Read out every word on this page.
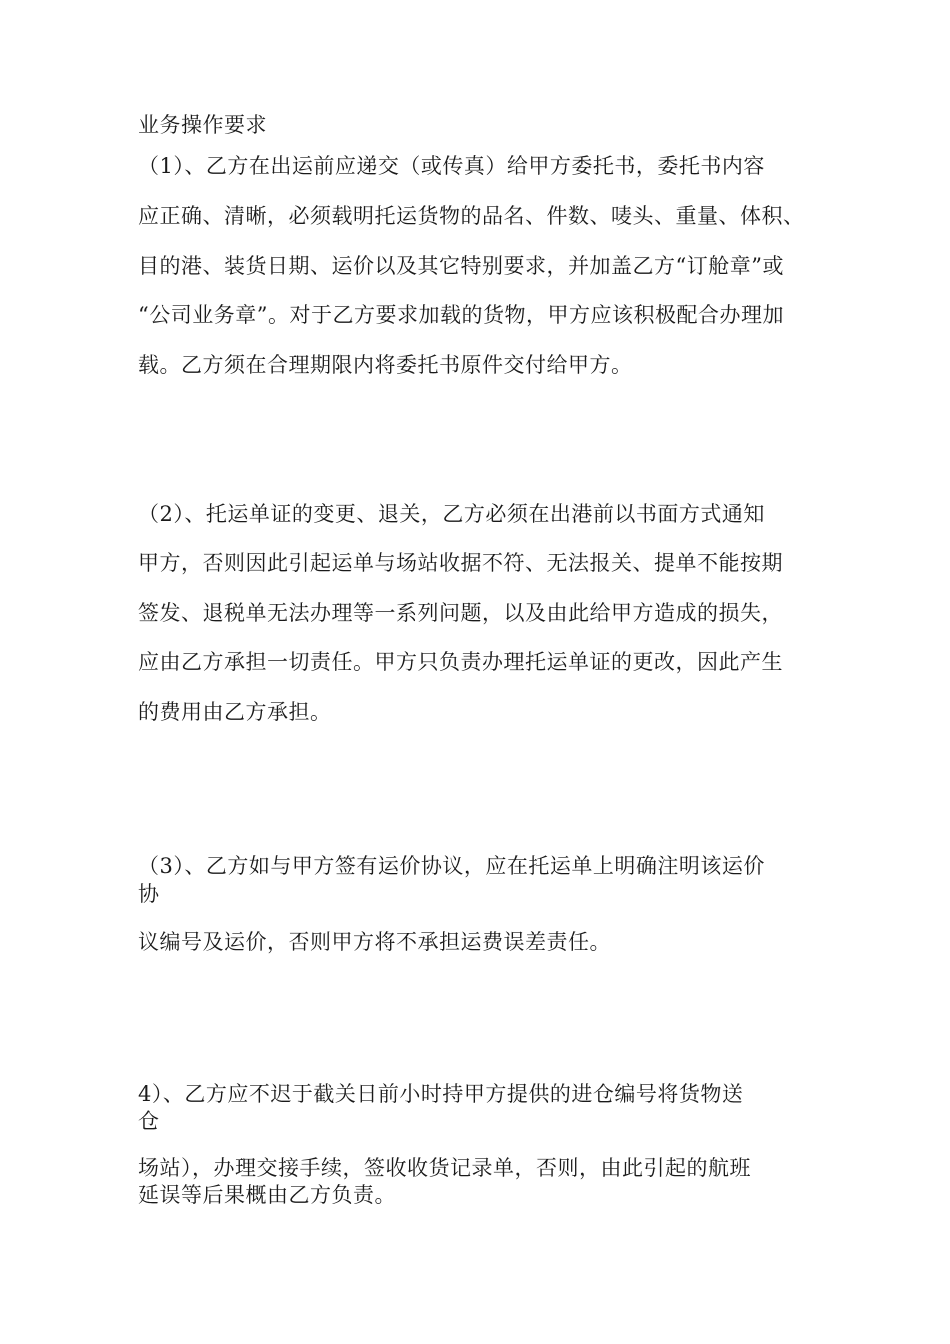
业务操作要求
（1）、乙方在出运前应递交（或传真）给甲方委托书，委托书内容
应正确、清晰，必须载明托运货物的品名、件数、唛头、重量、体积、
目的港、装货日期、运价以及其它特别要求，并加盖乙方“订舱章”或
“公司业务章”。对于乙方要求加载的货物，甲方应该积极配合办理加
载。乙方须在合理期限内将委托书原件交付给甲方。
（2）、托运单证的变更、退关，乙方必须在出港前以书面方式通知
甲方，否则因此引起运单与场站收据不符、无法报关、提单不能按期
签发、退税单无法办理等一系列问题，以及由此给甲方造成的损失，
应由乙方承担一切责任。甲方只负责办理托运单证的更改，因此产生
的费用由乙方承担。
（3）、乙方如与甲方签有运价协议，应在托运单上明确注明该运价
协
议编号及运价，否则甲方将不承担运费误差责任。
4）、乙方应不迟于截关日前小时持甲方提供的进仓编号将货物送
仓
场站），办理交接手续，签收收货记录单，否则，由此引起的航班
延误等后果概由乙方负责。
